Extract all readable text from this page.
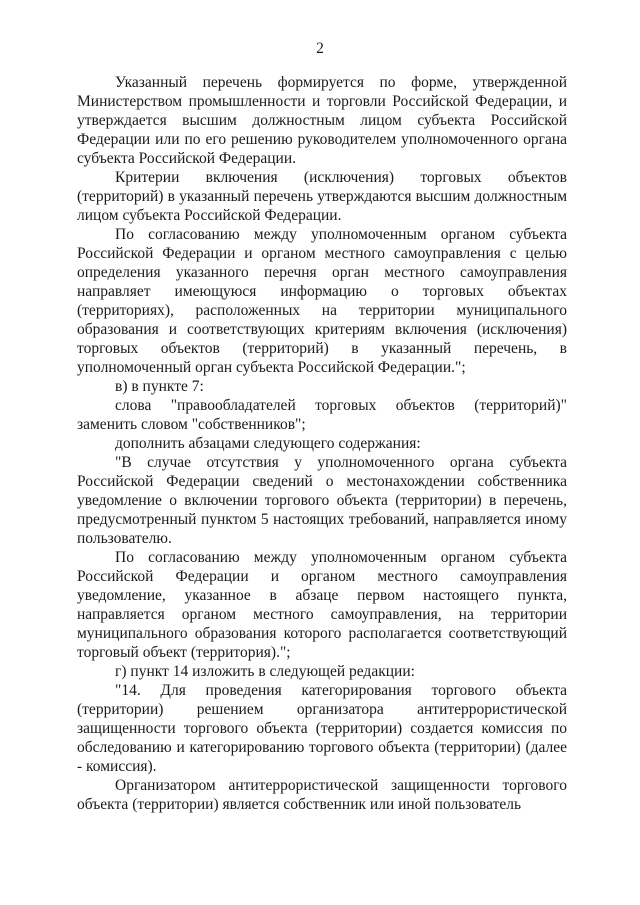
2

Указанный перечень формируется по форме, утвержденной Министерством промышленности и торговли Российской Федерации, и утверждается высшим должностным лицом субъекта Российской Федерации или по его решению руководителем уполномоченного органа субъекта Российской Федерации.

Критерии включения (исключения) торговых объектов (территорий) в указанный перечень утверждаются высшим должностным лицом субъекта Российской Федерации.

По согласованию между уполномоченным органом субъекта Российской Федерации и органом местного самоуправления с целью определения указанного перечня орган местного самоуправления направляет имеющуюся информацию о торговых объектах (территориях), расположенных на территории муниципального образования и соответствующих критериям включения (исключения) торговых объектов (территорий) в указанный перечень, в уполномоченный орган субъекта Российской Федерации.";

в) в пункте 7:

слова "правообладателей торговых объектов (территорий)" заменить словом "собственников";

дополнить абзацами следующего содержания:

"В случае отсутствия у уполномоченного органа субъекта Российской Федерации сведений о местонахождении собственника уведомление о включении торгового объекта (территории) в перечень, предусмотренный пунктом 5 настоящих требований, направляется иному пользователю.

По согласованию между уполномоченным органом субъекта Российской Федерации и органом местного самоуправления уведомление, указанное в абзаце первом настоящего пункта, направляется органом местного самоуправления, на территории муниципального образования которого располагается соответствующий торговый объект (территория).";

г) пункт 14 изложить в следующей редакции:

"14. Для проведения категорирования торгового объекта (территории) решением организатора антитеррористической защищенности торгового объекта (территории) создается комиссия по обследованию и категорированию торгового объекта (территории) (далее - комиссия).

Организатором антитеррористической защищенности торгового объекта (территории) является собственник или иной пользователь
